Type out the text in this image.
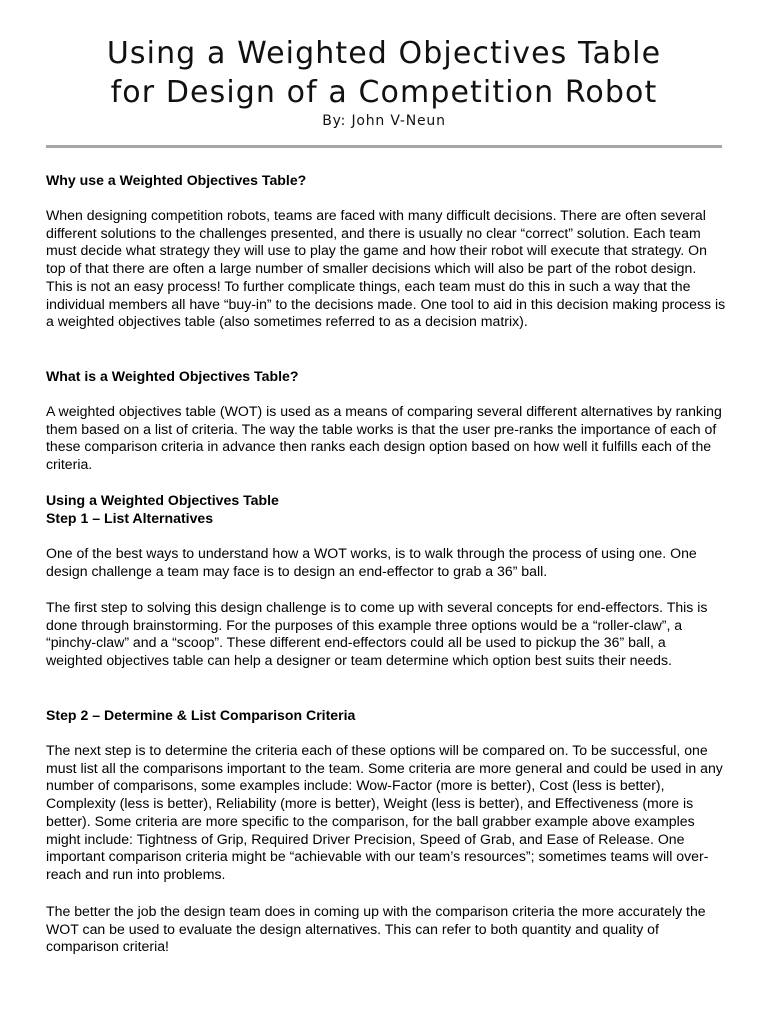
Using a Weighted Objectives Table
for Design of a Competition Robot
By: John V-Neun

Why use a Weighted Objectives Table?

When designing competition robots, teams are faced with many difficult decisions. There are often several different solutions to the challenges presented, and there is usually no clear “correct” solution. Each team must decide what strategy they will use to play the game and how their robot will execute that strategy. On top of that there are often a large number of smaller decisions which will also be part of the robot design. This is not an easy process! To further complicate things, each team must do this in such a way that the individual members all have “buy-in” to the decisions made. One tool to aid in this decision making process is a weighted objectives table (also sometimes referred to as a decision matrix).

What is a Weighted Objectives Table?

A weighted objectives table (WOT) is used as a means of comparing several different alternatives by ranking them based on a list of criteria. The way the table works is that the user pre-ranks the importance of each of these comparison criteria in advance then ranks each design option based on how well it fulfills each of the criteria.

Using a Weighted Objectives Table

Step 1 – List Alternatives

One of the best ways to understand how a WOT works, is to walk through the process of using one. One design challenge a team may face is to design an end-effector to grab a 36” ball.

The first step to solving this design challenge is to come up with several concepts for end-effectors. This is done through brainstorming. For the purposes of this example three options would be a “roller-claw”, a “pinchy-claw” and a “scoop”. These different end-effectors could all be used to pickup the 36” ball, a weighted objectives table can help a designer or team determine which option best suits their needs.

Step 2 – Determine & List Comparison Criteria

The next step is to determine the criteria each of these options will be compared on. To be successful, one must list all the comparisons important to the team. Some criteria are more general and could be used in any number of comparisons, some examples include: Wow-Factor (more is better), Cost (less is better), Complexity (less is better), Reliability (more is better), Weight (less is better), and Effectiveness (more is better). Some criteria are more specific to the comparison, for the ball grabber example above examples might include: Tightness of Grip, Required Driver Precision, Speed of Grab, and Ease of Release. One important comparison criteria might be “achievable with our team’s resources”; sometimes teams will over-reach and run into problems.

The better the job the design team does in coming up with the comparison criteria the more accurately the WOT can be used to evaluate the design alternatives. This can refer to both quantity and quality of comparison criteria!
